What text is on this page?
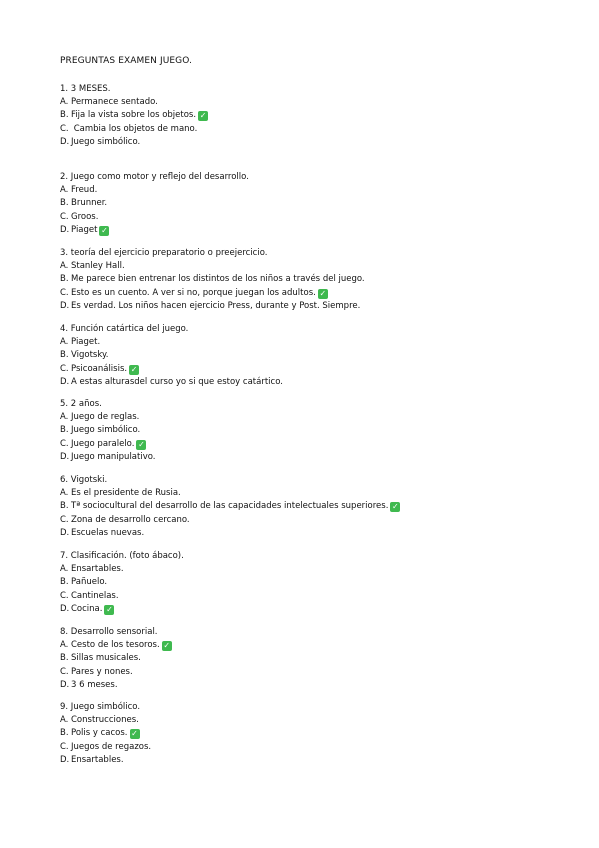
PREGUNTAS EXAMEN JUEGO.
1. 3 MESES.
A. Permanece sentado.
B. Fija la vista sobre los objetos. ✓
C. Cambia los objetos de mano.
D. Juego simbólico.
2. Juego como motor y reflejo del desarrollo.
A. Freud.
B. Brunner.
C. Groos.
D. Piaget ✓
3. teoría del ejercicio preparatorio o preejercicio.
A. Stanley Hall.
B. Me parece bien entrenar los distintos de los niños a través del juego.
C. Esto es un cuento. A ver si no, porque juegan los adultos. ✓
D. Es verdad. Los niños hacen ejercicio Press, durante y Post. Siempre.
4. Función catártica del juego.
A. Piaget.
B. Vigotsky.
C. Psicoanálisis. ✓
D. A estas alturasdel curso yo si que estoy catártico.
5. 2 años.
A. Juego de reglas.
B. Juego simbólico.
C. Juego paralelo. ✓
D. Juego manipulativo.
6. Vigotski.
A. Es el presidente de Rusia.
B. Tª sociocultural del desarrollo de las capacidades intelectuales superiores. ✓
C. Zona de desarrollo cercano.
D. Escuelas nuevas.
7. Clasificación. (foto ábaco).
A. Ensartables.
B. Pañuelo.
C. Cantinelas.
D. Cocina. ✓
8. Desarrollo sensorial.
A. Cesto de los tesoros. ✓
B. Sillas musicales.
C. Pares y nones.
D. 3 6 meses.
9. Juego simbólico.
A. Construcciones.
B. Polis y cacos. ✓
C. Juegos de regazos.
D. Ensartables.
